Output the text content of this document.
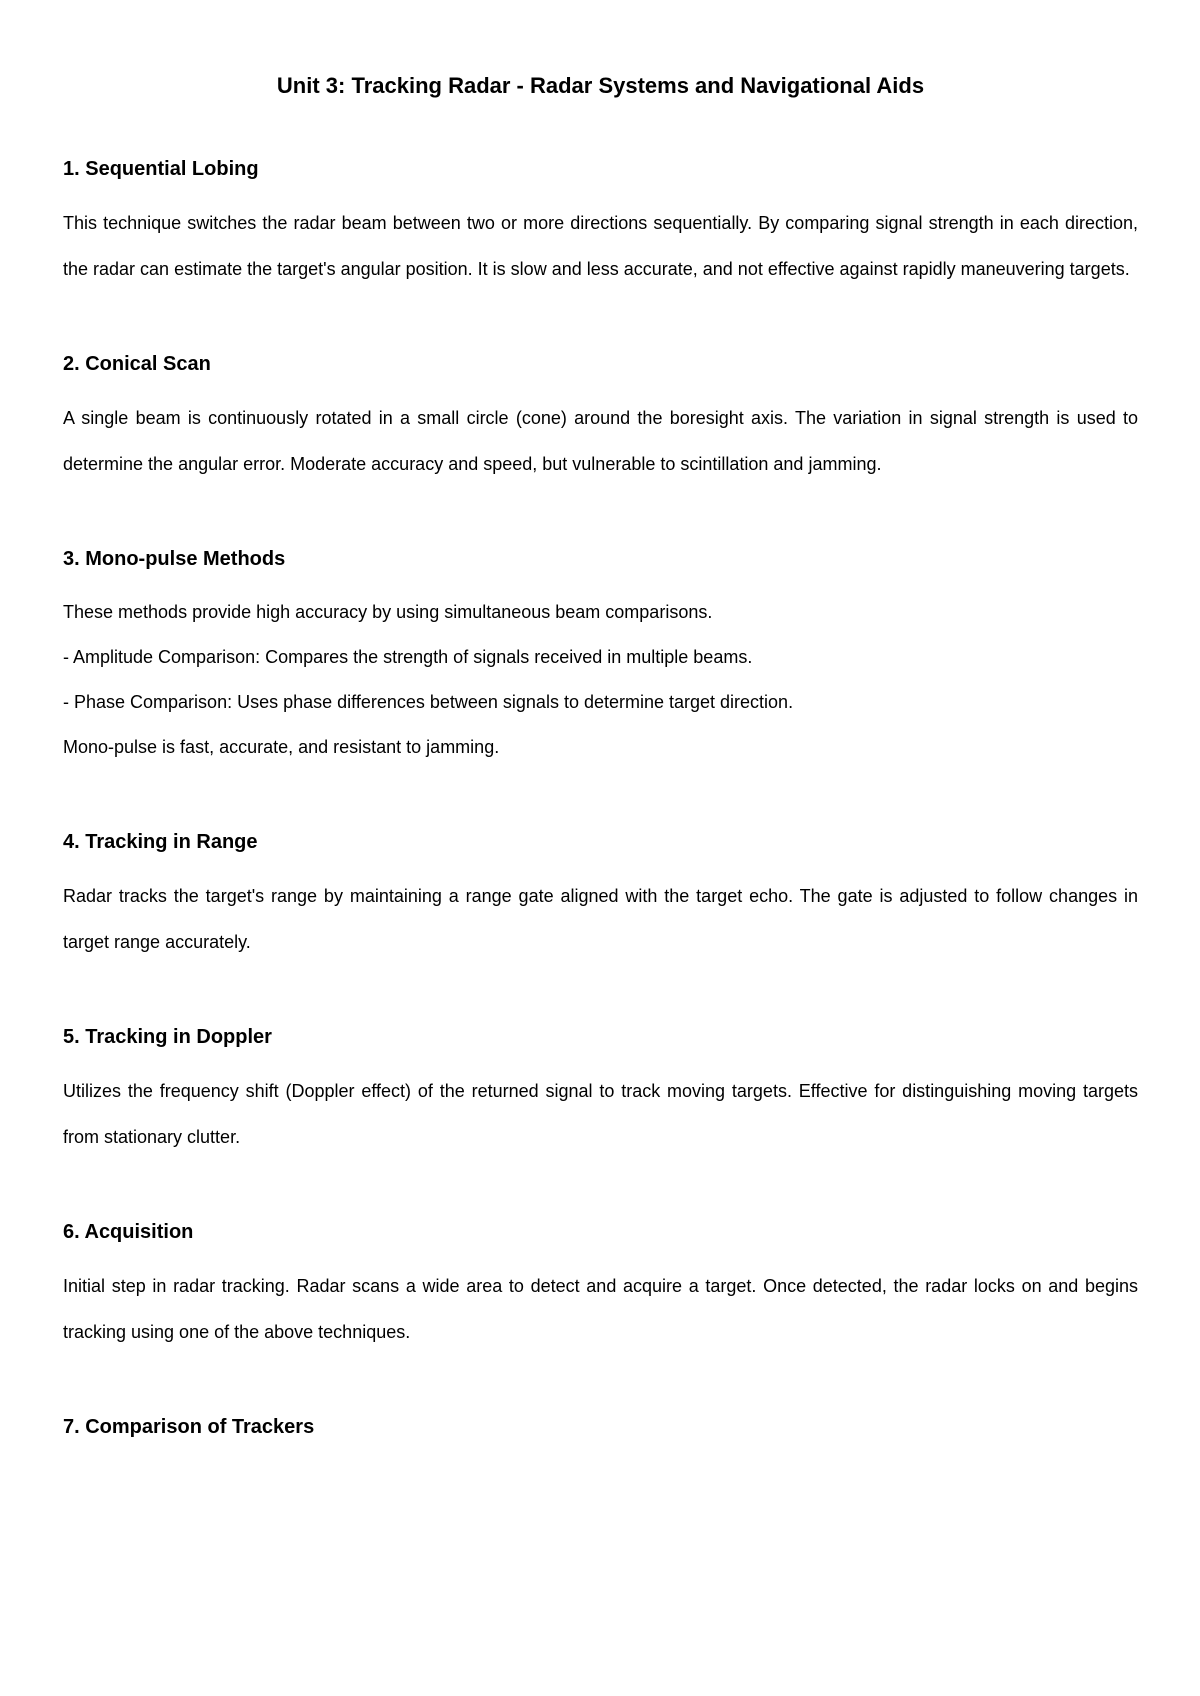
Unit 3: Tracking Radar - Radar Systems and Navigational Aids
1. Sequential Lobing

This technique switches the radar beam between two or more directions sequentially. By comparing signal strength in each direction, the radar can estimate the target's angular position. It is slow and less accurate, and not effective against rapidly maneuvering targets.

2. Conical Scan

A single beam is continuously rotated in a small circle (cone) around the boresight axis. The variation in signal strength is used to determine the angular error. Moderate accuracy and speed, but vulnerable to scintillation and jamming.

3. Mono-pulse Methods

These methods provide high accuracy by using simultaneous beam comparisons.

- Amplitude Comparison: Compares the strength of signals received in multiple beams.

- Phase Comparison: Uses phase differences between signals to determine target direction.

Mono-pulse is fast, accurate, and resistant to jamming.

4. Tracking in Range

Radar tracks the target's range by maintaining a range gate aligned with the target echo. The gate is adjusted to follow changes in target range accurately.

5. Tracking in Doppler

Utilizes the frequency shift (Doppler effect) of the returned signal to track moving targets. Effective for distinguishing moving targets from stationary clutter.

6. Acquisition

Initial step in radar tracking. Radar scans a wide area to detect and acquire a target. Once detected, the radar locks on and begins tracking using one of the above techniques.

7. Comparison of Trackers
